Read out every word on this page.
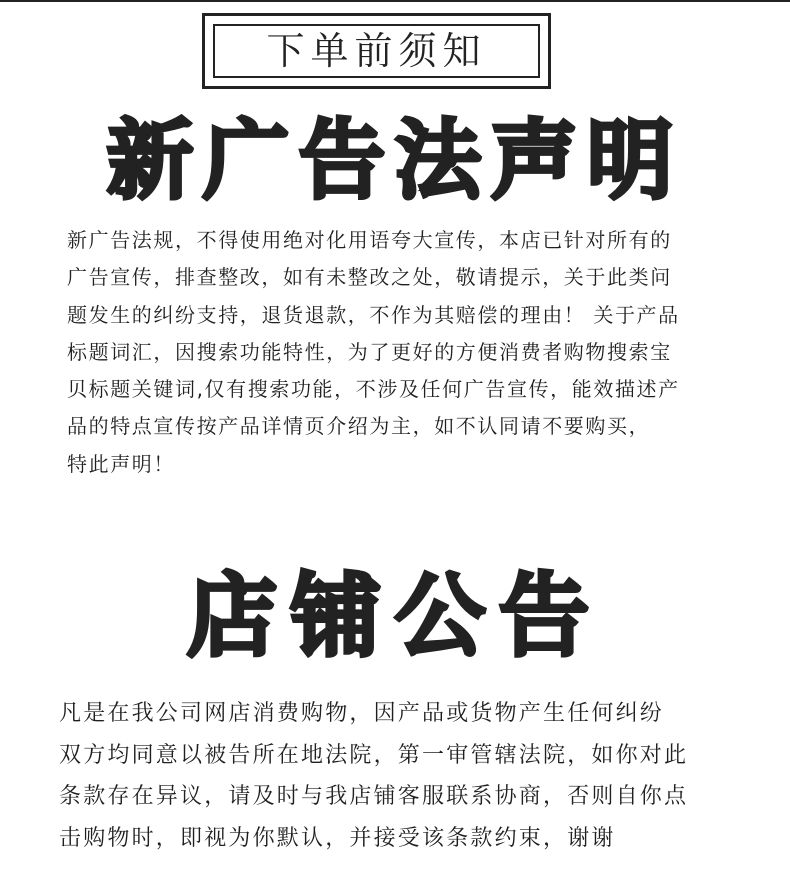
下单前须知
新广告法声明

新广告法规，不得使用绝对化用语夸大宣传，本店已针对所有的
广告宣传，排查整改，如有未整改之处，敬请提示，关于此类问
题发生的纠纷支持，退货退款，不作为其赔偿的理由！ 关于产品
标题词汇，因搜索功能特性，为了更好的方便消费者购物搜索宝
贝标题关键词,仅有搜索功能，不涉及任何广告宣传，能效描述产
品的特点宣传按产品详情页介绍为主，如不认同请不要购买，
特此声明！

店铺公告

凡是在我公司网店消费购物，因产品或货物产生任何纠纷
双方均同意以被告所在地法院，第一审管辖法院，如你对此
条款存在异议，请及时与我店铺客服联系协商，否则自你点
击购物时，即视为你默认，并接受该条款约束，谢谢
